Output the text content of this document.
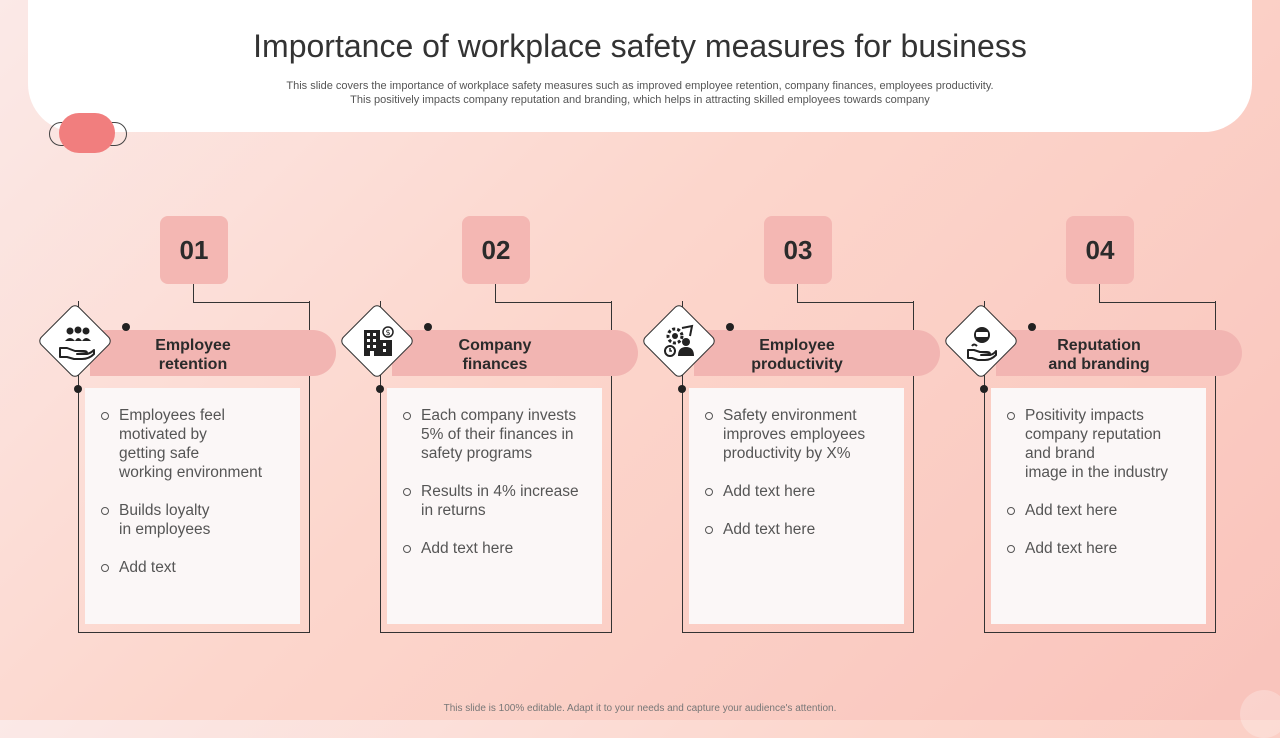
Importance of workplace safety measures for business
This slide covers the importance of workplace safety measures such as improved employee retention, company finances, employees productivity. This positively impacts company reputation and branding, which helps in attracting skilled employees towards company
01
Employee
retention
Employees feel
motivated by
getting safe
working environment
Builds loyalty
in employees
Add text
$
02
Company
finances
Each company invests
5% of their finances in
safety programs
Results in 4% increase
in returns
Add text here
03
Employee
productivity
Safety environment
improves employees
productivity by X%
Add text here
Add text here
04
Reputation
and branding
Positivity impacts
company reputation
and brand
image in the industry
Add text here
Add text here
This slide is 100% editable. Adapt it to your needs and capture your audience's attention.
